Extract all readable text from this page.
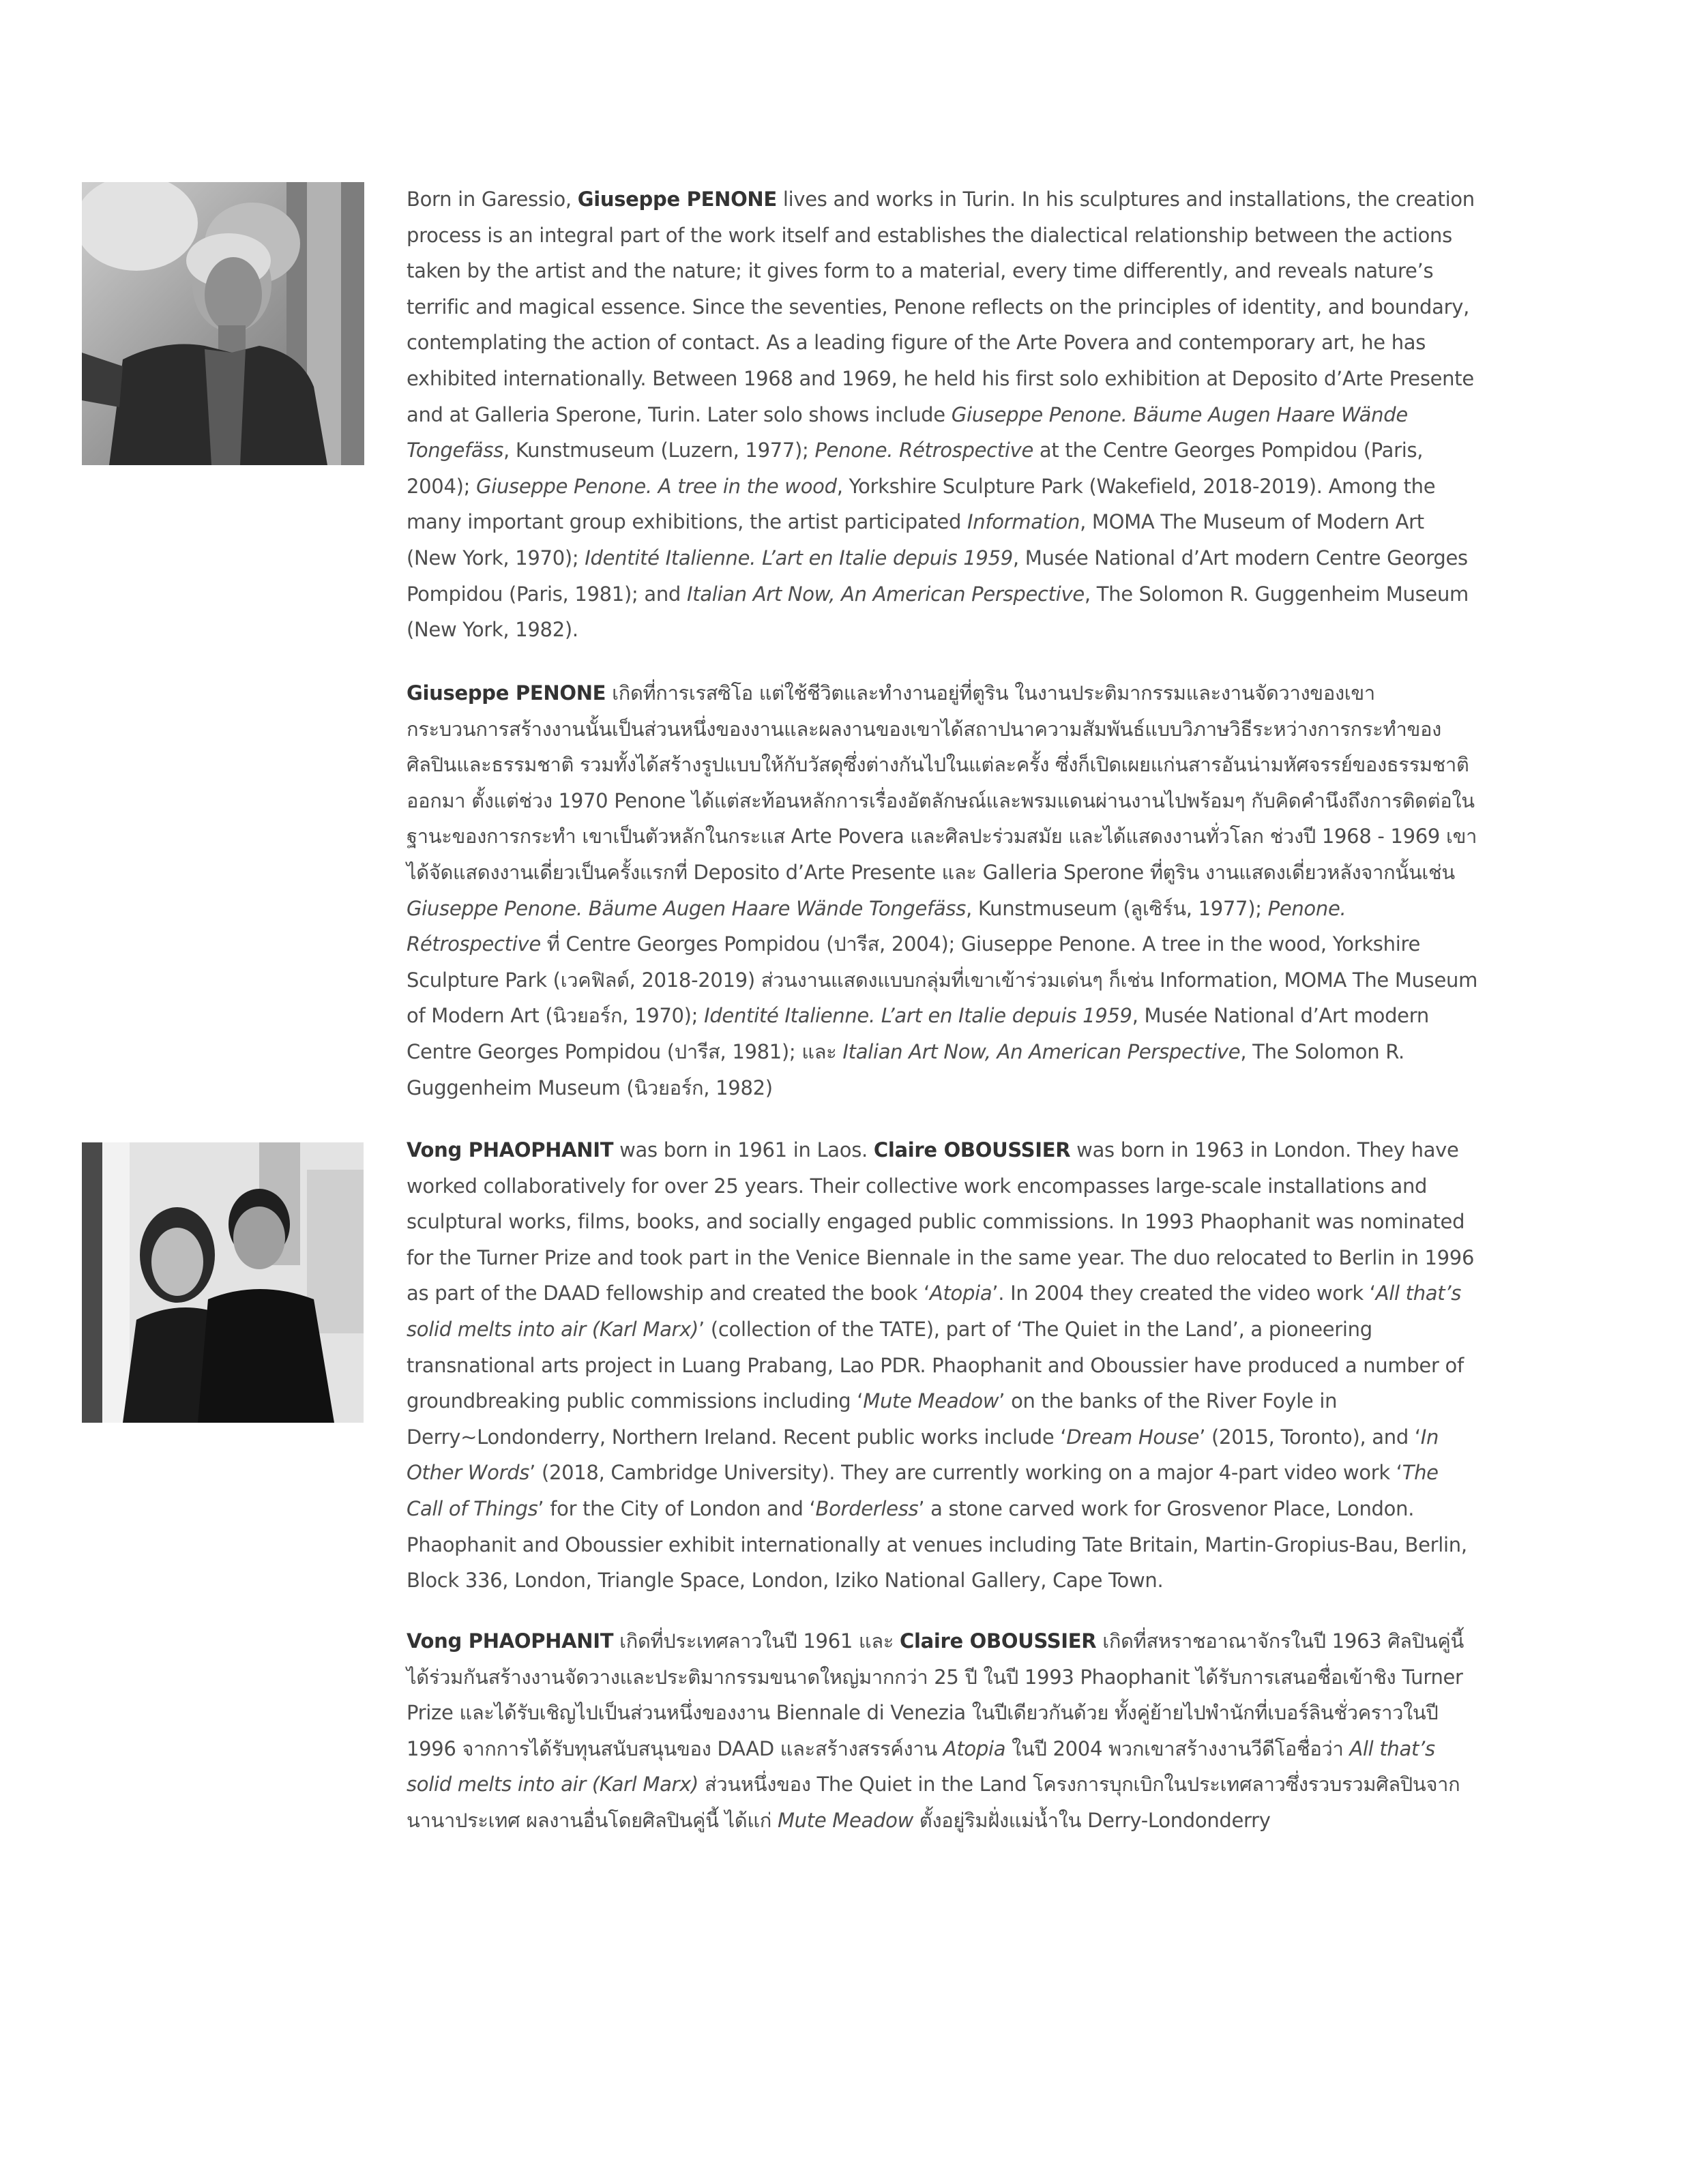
Born in Garessio, Giuseppe PENONE lives and works in Turin. In his sculptures and installations, the creation process is an integral part of the work itself and establishes the dialectical relationship between the actions taken by the artist and the nature; it gives form to a material, every time differently, and reveals nature’s terrific and magical essence. Since the seventies, Penone reflects on the principles of identity, and boundary, contemplating the action of contact. As a leading figure of the Arte Povera and contemporary art, he has exhibited internationally. Between 1968 and 1969, he held his first solo exhibition at Deposito d’Arte Presente and at Galleria Sperone, Turin. Later solo shows include Giuseppe Penone. Bäume Augen Haare Wände Tongefäss, Kunstmuseum (Luzern, 1977); Penone. Rétrospective at the Centre Georges Pompidou (Paris, 2004); Giuseppe Penone. A tree in the wood, Yorkshire Sculpture Park (Wakefield, 2018-2019). Among the many important group exhibitions, the artist participated Information, MOMA The Museum of Modern Art (New York, 1970); Identité Italienne. L’art en Italie depuis 1959, Musée National d’Art modern Centre Georges Pompidou (Paris, 1981); and Italian Art Now, An American Perspective, The Solomon R. Guggenheim Museum (New York, 1982).

Giuseppe PENONE เกิดที่การเรสซิโอ แต่ใช้ชีวิตและทำงานอยู่ที่ตูริน ในงานประติมากรรมและงานจัดวางของเขา กระบวนการสร้างงานนั้นเป็นส่วนหนึ่งของงานและผลงานของเขาได้สถาปนาความสัมพันธ์แบบวิภาษวิธีระหว่างการกระทำของศิลปินและธรรมชาติ รวมทั้งได้สร้างรูปแบบให้กับวัสดุซึ่งต่างกันไปในแต่ละครั้ง ซึ่งก็เปิดเผยแก่นสารอันน่ามหัศจรรย์ของธรรมชาติออกมา ตั้งแต่ช่วง 1970 Penone ได้แต่สะท้อนหลักการเรื่องอัตลักษณ์และพรมแดนผ่านงานไปพร้อมๆ กับคิดคำนึงถึงการติดต่อในฐานะของการกระทำ เขาเป็นตัวหลักในกระแส Arte Povera และศิลปะร่วมสมัย และได้แสดงงานทั่วโลก ช่วงปี 1968 - 1969 เขาได้จัดแสดงงานเดี่ยวเป็นครั้งแรกที่ Deposito d’Arte Presente และ Galleria Sperone ที่ตูริน งานแสดงเดี่ยวหลังจากนั้นเช่น Giuseppe Penone. Bäume Augen Haare Wände Tongefäss, Kunstmuseum (ลูเซิร์น, 1977); Penone. Rétrospective ที่ Centre Georges Pompidou (ปารีส, 2004); Giuseppe Penone. A tree in the wood, Yorkshire Sculpture Park (เวคฟิลด์, 2018-2019) ส่วนงานแสดงแบบกลุ่มที่เขาเข้าร่วมเด่นๆ ก็เช่น Information, MOMA The Museum of Modern Art (นิวยอร์ก, 1970); Identité Italienne. L’art en Italie depuis 1959, Musée National d’Art modern Centre Georges Pompidou (ปารีส, 1981); และ Italian Art Now, An American Perspective, The Solomon R. Guggenheim Museum (นิวยอร์ก, 1982)

Vong PHAOPHANIT was born in 1961 in Laos. Claire OBOUSSIER was born in 1963 in London. They have worked collaboratively for over 25 years. Their collective work encompasses large-scale installations and sculptural works, films, books, and socially engaged public commissions. In 1993 Phaophanit was nominated for the Turner Prize and took part in the Venice Biennale in the same year. The duo relocated to Berlin in 1996 as part of the DAAD fellowship and created the book ‘Atopia’. In 2004 they created the video work ‘All that’s solid melts into air (Karl Marx)’ (collection of the TATE), part of ‘The Quiet in the Land’, a pioneering transnational arts project in Luang Prabang, Lao PDR. Phaophanit and Oboussier have produced a number of groundbreaking public commissions including ‘Mute Meadow’ on the banks of the River Foyle in Derry~Londonderry, Northern Ireland. Recent public works include ‘Dream House’ (2015, Toronto), and ‘In Other Words’ (2018, Cambridge University). They are currently working on a major 4-part video work ‘The Call of Things’ for the City of London and ‘Borderless’ a stone carved work for Grosvenor Place, London. Phaophanit and Oboussier exhibit internationally at venues including Tate Britain, Martin-Gropius-Bau, Berlin, Block 336, London, Triangle Space, London, Iziko National Gallery, Cape Town.

Vong PHAOPHANIT เกิดที่ประเทศลาวในปี 1961 และ Claire OBOUSSIER เกิดที่สหราชอาณาจักรในปี 1963 ศิลปินคู่นี้ได้ร่วมกันสร้างงานจัดวางและประติมากรรมขนาดใหญ่มากกว่า 25 ปี ในปี 1993 Phaophanit ได้รับการเสนอชื่อเข้าชิง Turner Prize และได้รับเชิญไปเป็นส่วนหนึ่งของงาน Biennale di Venezia ในปีเดียวกันด้วย ทั้งคู่ย้ายไปพำนักที่เบอร์ลินชั่วคราวในปี 1996 จากการได้รับทุนสนับสนุนของ DAAD และสร้างสรรค์งาน Atopia ในปี 2004 พวกเขาสร้างงานวีดีโอชื่อว่า All that’s solid melts into air (Karl Marx) ส่วนหนึ่งของ The Quiet in the Land โครงการบุกเบิกในประเทศลาวซึ่งรวบรวมศิลปินจากนานาประเทศ ผลงานอื่นโดยศิลปินคู่นี้ ได้แก่ Mute Meadow ตั้งอยู่ริมฝั่งแม่น้ำใน Derry-Londonderry
